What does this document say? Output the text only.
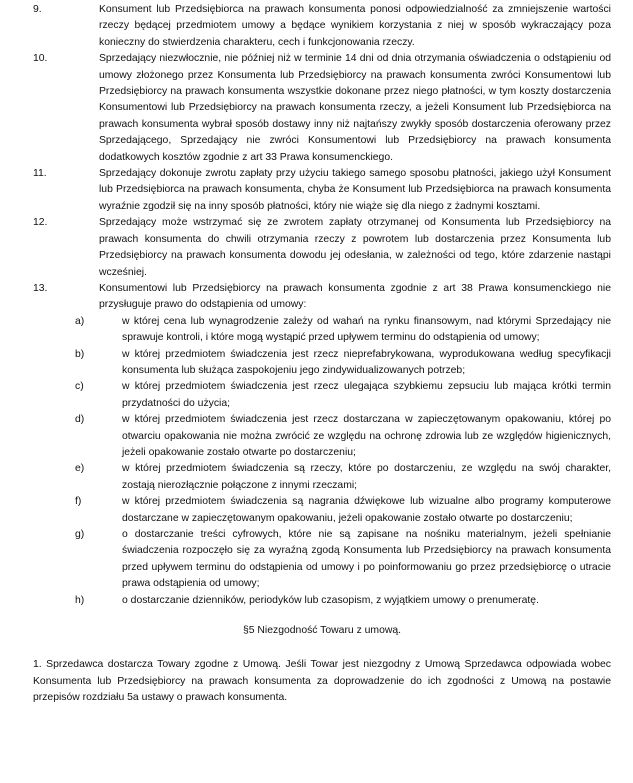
9.	Konsument lub Przedsiębiorca na prawach konsumenta ponosi odpowiedzialność za zmniejszenie wartości rzeczy będącej przedmiotem umowy a będące wynikiem korzystania z niej w sposób wykraczający poza konieczny do stwierdzenia charakteru, cech i funkcjonowania rzeczy.
10.	Sprzedający niezwłocznie, nie później niż w terminie 14 dni od dnia otrzymania oświadczenia o odstąpieniu od umowy złożonego przez Konsumenta lub Przedsiębiorcy na prawach konsumenta zwróci Konsumentowi lub Przedsiębiorcy na prawach konsumenta wszystkie dokonane przez niego płatności, w tym koszty dostarczenia Konsumentowi lub Przedsiębiorcy na prawach konsumenta rzeczy, a jeżeli Konsument lub Przedsiębiorca na prawach konsumenta wybrał sposób dostawy inny niż najtańszy zwykły sposób dostarczenia oferowany przez Sprzedającego, Sprzedający nie zwróci Konsumentowi lub Przedsiębiorcy na prawach konsumenta dodatkowych kosztów zgodnie z art 33 Prawa konsumenckiego.
11.	Sprzedający dokonuje zwrotu zapłaty przy użyciu takiego samego sposobu płatności, jakiego użył Konsument lub Przedsiębiorca na prawach konsumenta, chyba że Konsument lub Przedsiębiorca na prawach konsumenta wyraźnie zgodził się na inny sposób płatności, który nie wiąże się dla niego z żadnymi kosztami.
12.	Sprzedający może wstrzymać się ze zwrotem zapłaty otrzymanej od Konsumenta lub Przedsiębiorcy na prawach konsumenta do chwili otrzymania rzeczy z powrotem lub dostarczenia przez Konsumenta lub Przedsiębiorcy na prawach konsumenta dowodu jej odesłania, w zależności od tego, które zdarzenie nastąpi wcześniej.
13.	Konsumentowi lub Przedsiębiorcy na prawach konsumenta zgodnie z art 38 Prawa konsumenckiego nie przysługuje prawo do odstąpienia od umowy:
a)	w której cena lub wynagrodzenie zależy od wahań na rynku finansowym, nad którymi Sprzedający nie sprawuje kontroli, i które mogą wystąpić przed upływem terminu do odstąpienia od umowy;
b)	w której przedmiotem świadczenia jest rzecz nieprefabrykowana, wyprodukowana według specyfikacji konsumenta lub służąca zaspokojeniu jego zindywidualizowanych potrzeb;
c)	w której przedmiotem świadczenia jest rzecz ulegająca szybkiemu zepsuciu lub mająca krótki termin przydatności do użycia;
d)	w której przedmiotem świadczenia jest rzecz dostarczana w zapieczętowanym opakowaniu, której po otwarciu opakowania nie można zwrócić ze względu na ochronę zdrowia lub ze względów higienicznych, jeżeli opakowanie zostało otwarte po dostarczeniu;
e)	w której przedmiotem świadczenia są rzeczy, które po dostarczeniu, ze względu na swój charakter, zostają nierozłącznie połączone z innymi rzeczami;
f)	w której przedmiotem świadczenia są nagrania dźwiękowe lub wizualne albo programy komputerowe dostarczane w zapieczętowanym opakowaniu, jeżeli opakowanie zostało otwarte po dostarczeniu;
g)	o dostarczanie treści cyfrowych, które nie są zapisane na nośniku materialnym, jeżeli spełnianie świadczenia rozpoczęło się za wyraźną zgodą Konsumenta lub Przedsiębiorcy na prawach konsumenta przed upływem terminu do odstąpienia od umowy i po poinformowaniu go przez przedsiębiorcę o utracie prawa odstąpienia od umowy;
h)	o dostarczanie dzienników, periodyków lub czasopism, z wyjątkiem umowy o prenumeratę.
§5 Niezgodność Towaru z umową.
1. Sprzedawca dostarcza Towary zgodne z Umową. Jeśli Towar jest niezgodny z Umową Sprzedawca odpowiada wobec Konsumenta lub Przedsiębiorcy na prawach konsumenta za doprowadzenie do ich zgodności z Umową na postawie przepisów rozdziału 5a ustawy o prawach konsumenta.
